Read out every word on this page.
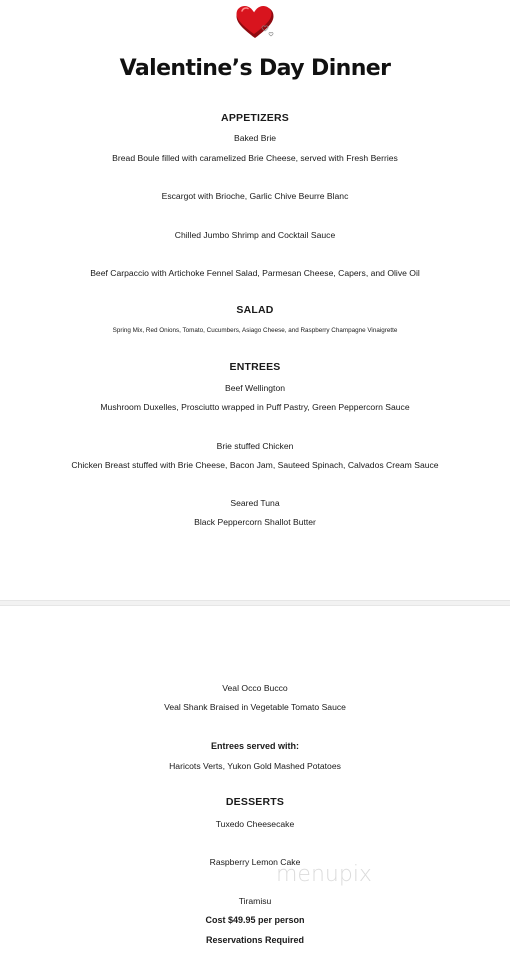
Valentine’s Day Dinner
APPETIZERS
Baked Brie
Bread Boule filled with caramelized Brie Cheese, served with Fresh Berries
Escargot with Brioche, Garlic Chive Beurre Blanc
Chilled Jumbo Shrimp and Cocktail Sauce
Beef Carpaccio with Artichoke Fennel Salad, Parmesan Cheese, Capers, and Olive Oil
SALAD
Spring Mix, Red Onions, Tomato, Cucumbers, Asiago Cheese, and Raspberry Champagne Vinaigrette
ENTREES
Beef Wellington
Mushroom Duxelles, Prosciutto wrapped in Puff Pastry, Green Peppercorn Sauce
Brie stuffed Chicken
Chicken Breast stuffed with Brie Cheese, Bacon Jam, Sauteed Spinach, Calvados Cream Sauce
Seared Tuna
Black Peppercorn Shallot Butter
Veal Occo Bucco
Veal Shank Braised in Vegetable Tomato Sauce
Entrees served with:
Haricots Verts, Yukon Gold Mashed Potatoes
DESSERTS
Tuxedo Cheesecake
Raspberry Lemon Cake
Tiramisu
Cost $49.95 per person
Reservations Required
menupix
